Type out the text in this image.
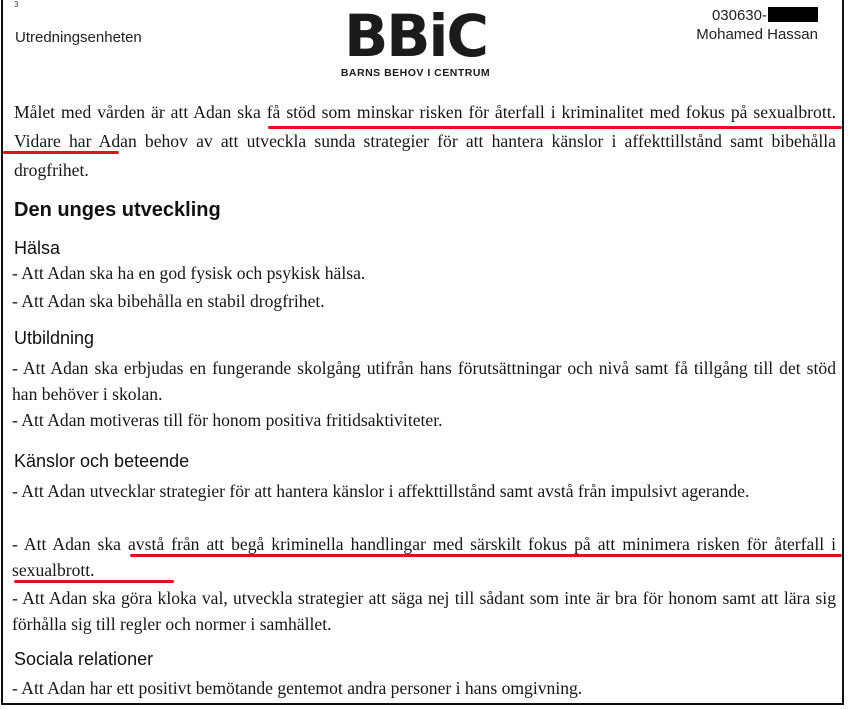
3
Utredningsenheten	BBiC
BARNS BEHOV I CENTRUM
030630-
Mohamed Hassan
Målet med vården är att Adan ska få stöd som minskar risken för återfall i kriminalitet med fokus på sexualbrott. Vidare har Adan behov av att utveckla sunda strategier för att hantera känslor i affekttillstånd samt bibehålla drogfrihet.
Den unges utveckling
Hälsa
- Att Adan ska ha en god fysisk och psykisk hälsa.
- Att Adan ska bibehålla en stabil drogfrihet.
Utbildning
- Att Adan ska erbjudas en fungerande skolgång utifrån hans förutsättningar och nivå samt få tillgång till det stöd han behöver i skolan.
- Att Adan motiveras till för honom positiva fritidsaktiviteter.
Känslor och beteende
- Att Adan utvecklar strategier för att hantera känslor i affekttillstånd samt avstå från impulsivt agerande.
- Att Adan ska avstå från att begå kriminella handlingar med särskilt fokus på att minimera risken för återfall i sexualbrott.
- Att Adan ska göra kloka val, utveckla strategier att säga nej till sådant som inte är bra för honom samt att lära sig förhålla sig till regler och normer i samhället.
Sociala relationer
- Att Adan har ett positivt bemötande gentemot andra personer i hans omgivning.
